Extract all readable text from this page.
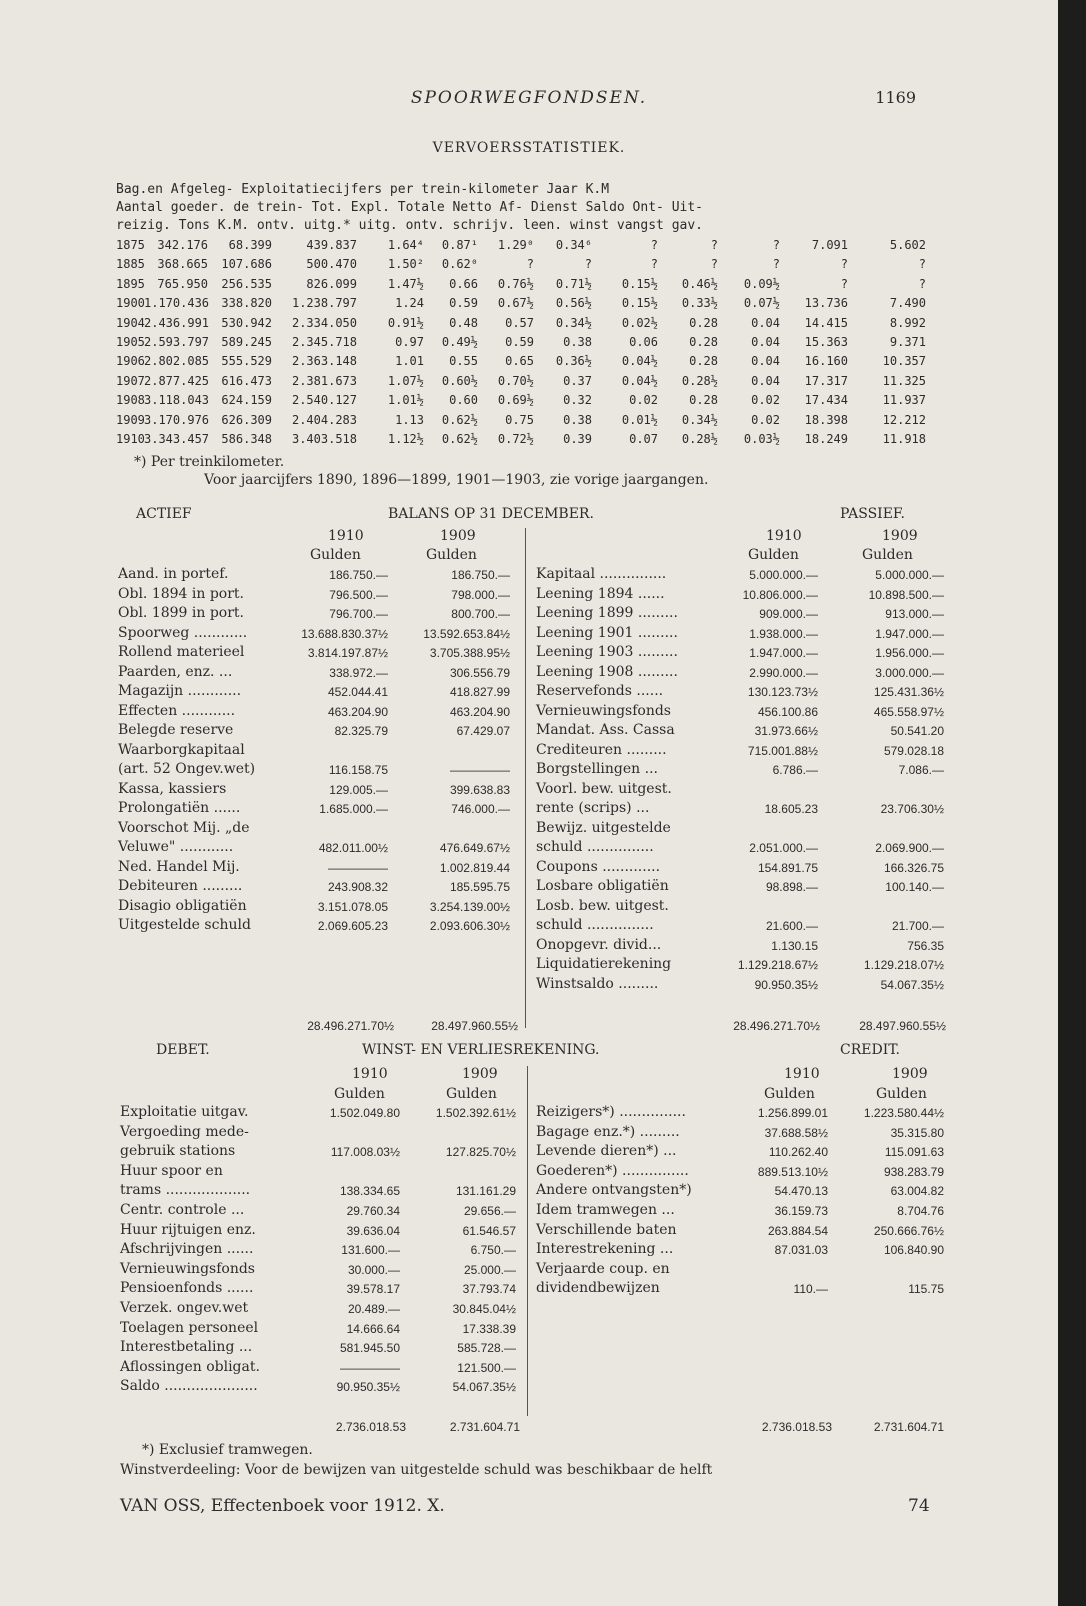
SPOORWEGFONDSEN.	1169
VERVOERSSTATISTIEK.
Bag.en Afgeleg- Exploitatiecijfers per trein-kilometer Jaar K.M
Aantal goeder. de trein- Tot. Expl. Totale Netto Af- Dienst Saldo Ont- Uit-
reizig. Tons K.M. ontv. uitg.* uitg. ontv. schrijv. leen. winst vangst gav.
1875	342.176	68.399	439.837	1.64⁴	0.87¹	1.29⁰	0.34⁶	?	?	?	7.091	5.602
1885	368.665	107.686	500.470	1.50²	0.62⁰	?	?	?	?	?	?	?
1895	765.950	256.535	826.099	1.47½	0.66	0.76½	0.71½	0.15½	0.46½	0.09½	?	?
1900 1.170.436	338.820	1.238.797	1.24	0.59	0.67½	0.56½	0.15½	0.33½	0.07½	13.736	7.490
1904 2.436.991	530.942	2.334.050	0.91½	0.48	0.57	0.34½	0.02½	0.28	0.04	14.415	8.992
1905 2.593.797	589.245	2.345.718	0.97	0.49½	0.59	0.38	0.06	0.28	0.04	15.363	9.371
1906 2.802.085	555.529	2.363.148	1.01	0.55	0.65	0.36½	0.04½	0.28	0.04	16.160	10.357
1907 2.877.425	616.473	2.381.673	1.07½	0.60½	0.70½	0.37	0.04½	0.28½	0.04	17.317	11.325
1908 3.118.043	624.159	2.540.127	1.01½	0.60	0.69½	0.32	0.02	0.28	0.02	17.434	11.937
1909 3.170.976	626.309	2.404.283	1.13	0.62½	0.75	0.38	0.01½	0.34½	0.02	18.398	12.212
1910 3.343.457	586.348	3.403.518	1.12½	0.62½	0.72½	0.39	0.07	0.28½	0.03½	18.249	11.918
*) Per treinkilometer.
Voor jaarcijfers 1890, 1896—1899, 1901—1903, zie vorige jaargangen.
ACTIEF	BALANS OP 31 DECEMBER.	PASSIEF.
1910	1909
Gulden	Gulden
1910	1909
Gulden	Gulden
Aand. in portef.	186.750.—	186.750.—
Obl. 1894 in port.	796.500.—	798.000.—
Obl. 1899 in port.	796.700.—	800.700.—
Spoorweg ............	13.688.830.37½	13.592.653.84½
Rollend materieel	3.814.197.87½	3.705.388.95½
Paarden, enz. ...	338.972.—	306.556.79
Magazijn ............	452.044.41	418.827.99
Effecten ............	463.204.90	463.204.90
Belegde reserve	82.325.79	67.429.07
Waarborgkapitaal
(art. 52 Ongev.wet)	116.158.75	—————
Kassa, kassiers	129.005.—	399.638.83
Prolongatiën ......	1.685.000.—	746.000.—
Voorschot Mij. „de
Veluwe" ............	482.011.00½	476.649.67½
Ned. Handel Mij.	—————	1.002.819.44
Debiteuren .........	243.908.32	185.595.75
Disagio obligatiën	3.151.078.05	3.254.139.00½
Uitgestelde schuld	2.069.605.23	2.093.606.30½
Kapitaal ...............	5.000.000.—	5.000.000.—
Leening 1894 ......	10.806.000.—	10.898.500.—
Leening 1899 .........	909.000.—	913.000.—
Leening 1901 .........	1.938.000.—	1.947.000.—
Leening 1903 .........	1.947.000.—	1.956.000.—
Leening 1908 .........	2.990.000.—	3.000.000.—
Reservefonds ......	130.123.73½	125.431.36½
Vernieuwingsfonds	456.100.86	465.558.97½
Mandat. Ass. Cassa	31.973.66½	50.541.20
Crediteuren .........	715.001.88½	579.028.18
Borgstellingen ...	6.786.—	7.086.—
Voorl. bew. uitgest.
rente (scrips) ...	18.605.23	23.706.30½
Bewijz. uitgestelde
schuld ...............	2.051.000.—	2.069.900.—
Coupons .............	154.891.75	166.326.75
Losbare obligatiën	98.898.—	100.140.—
Losb. bew. uitgest.
schuld ...............	21.600.—	21.700.—
Onopgevr. divid...	1.130.15	756.35
Liquidatierekening	1.129.218.67½	1.129.218.07½
Winstsaldo .........	90.950.35½	54.067.35½
28.496.271.70½	28.497.960.55½	28.496.271.70½	28.497.960.55½
DEBET.	WINST- EN VERLIESREKENING.	CREDIT.
1910	1909
Gulden	Gulden
1910	1909
Gulden	Gulden
Exploitatie uitgav.	1.502.049.80	1.502.392.61½
Vergoeding mede-
gebruik stations	117.008.03½	127.825.70½
Huur spoor en
trams ...................	138.334.65	131.161.29
Centr. controle ...	29.760.34	29.656.—
Huur rijtuigen enz.	39.636.04	61.546.57
Afschrijvingen ......	131.600.—	6.750.—
Vernieuwingsfonds	30.000.—	25.000.—
Pensioenfonds ......	39.578.17	37.793.74
Verzek. ongev.wet	20.489.—	30.845.04½
Toelagen personeel	14.666.64	17.338.39
Interestbetaling ...	581.945.50	585.728.—
Aflossingen obligat.	—————	121.500.—
Saldo .....................	90.950.35½	54.067.35½
Reizigers*) ...............	1.256.899.01	1.223.580.44½
Bagage enz.*) .........	37.688.58½	35.315.80
Levende dieren*) ...	110.262.40	115.091.63
Goederen*) ...............	889.513.10½	938.283.79
Andere ontvangsten*)	54.470.13	63.004.82
Idem tramwegen ...	36.159.73	8.704.76
Verschillende baten	263.884.54	250.666.76½
Interestrekening ...	87.031.03	106.840.90
Verjaarde coup. en
dividendbewijzen	110.—	115.75
2.736.018.53	2.731.604.71	2.736.018.53	2.731.604.71
*) Exclusief tramwegen.
Winstverdeeling: Voor de bewijzen van uitgestelde schuld was beschikbaar de helft
VAN OSS, Effectenboek voor 1912. X.	74
